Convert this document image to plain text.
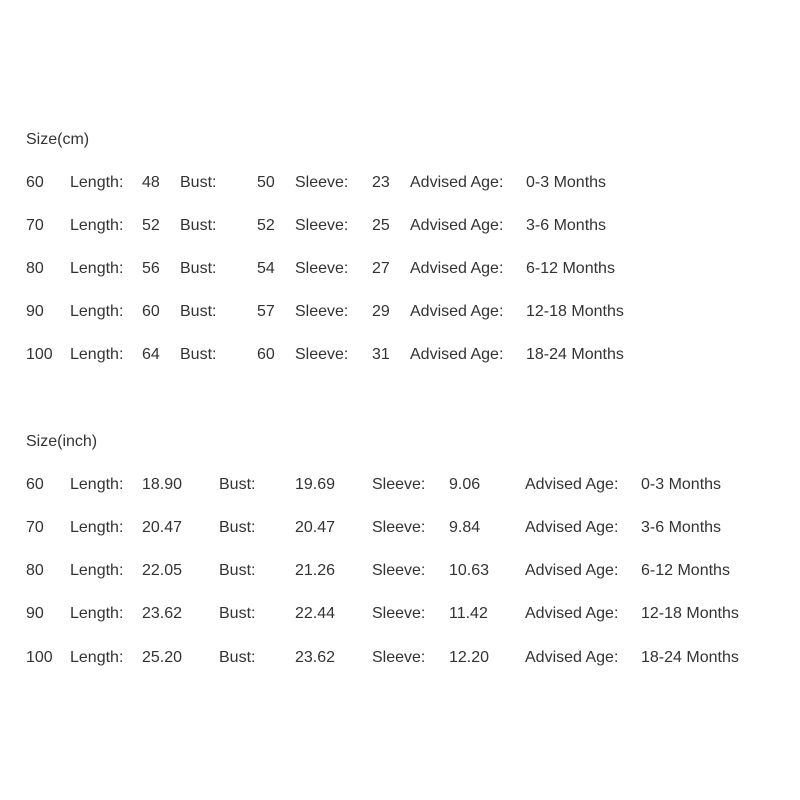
Size(cm)
60 Length: 48 Bust:	50 Sleeve: 23 Advised Age: 0-3 Months
70 Length: 52 Bust:	52 Sleeve: 25 Advised Age: 3-6 Months
80 Length: 56 Bust:	54 Sleeve: 27 Advised Age: 6-12 Months
90 Length: 60 Bust:	57 Sleeve: 29 Advised Age: 12-18 Months
100 Length: 64 Bust:	60 Sleeve: 31 Advised Age: 18-24 Months
Size(inch)
60 Length: 18.90 Bust: 19.69 Sleeve: 9.06	Advised Age: 0-3 Months
70 Length: 20.47 Bust: 20.47 Sleeve: 9.84	Advised Age: 3-6 Months
80 Length: 22.05 Bust: 21.26 Sleeve: 10.63 Advised Age: 6-12 Months
90 Length: 23.62 Bust: 22.44 Sleeve: 11.42 Advised Age: 12-18 Months
100 Length: 25.20 Bust: 23.62 Sleeve: 12.20 Advised Age: 18-24 Months
